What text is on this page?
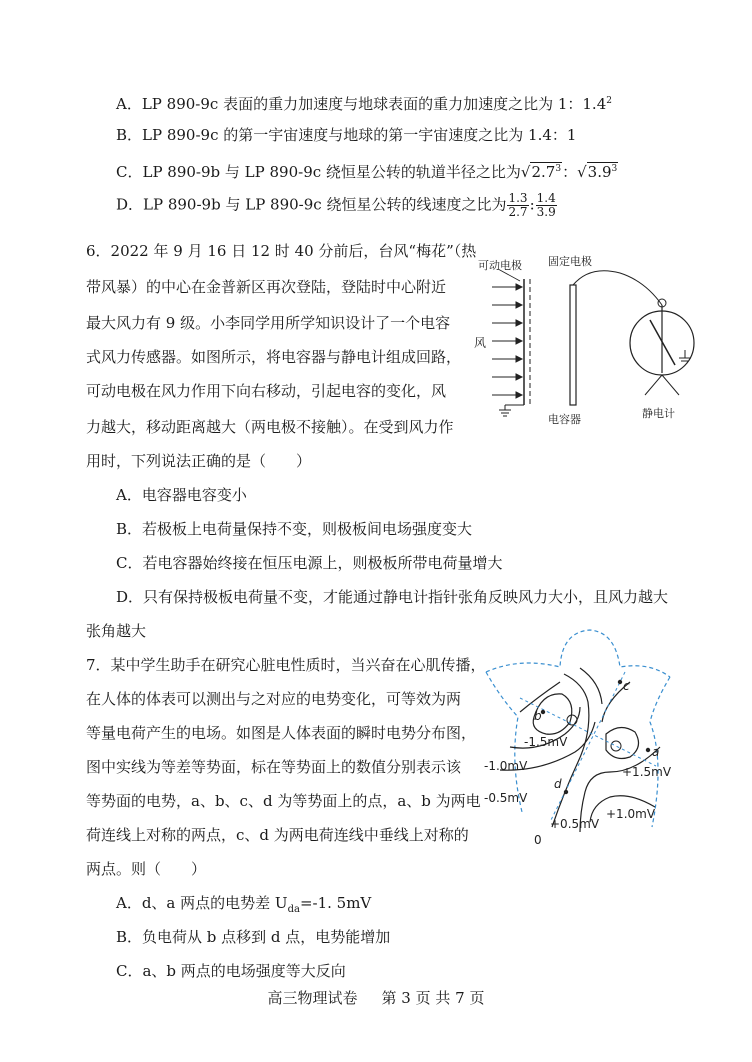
A．LP 890-9c 表面的重力加速度与地球表面的重力加速度之比为 1：$1.4^2$
B．LP 890-9c 的第一宇宙速度与地球的第一宇宙速度之比为 1.4：1
C．LP 890-9b 与 LP 890-9c 绕恒星公转的轨道半径之比为$√2.7^3$：$√3.9^3$
D．LP 890-9b 与 LP 890-9c 绕恒星公转的线速度之比为 $\frac{1.3}{2.7}$ : $\frac{1.4}{3.9}$
6．2022 年 9 月 16 日 12 时 40 分前后，台风“梅花”（热
带风暴）的中心在金普新区再次登陆，登陆时中心附近
最大风力有 9 级。小李同学用所学知识设计了一个电容
式风力传感器。如图所示，将电容器与静电计组成回路，
可动电极在风力作用下向右移动，引起电容的变化，风
力越大，移动距离越大（两电极不接触）。在受到风力作
用时，下列说法正确的是（　　）
A．电容器电容变小
B．若极板上电荷量保持不变，则极板间电场强度变大
C．若电容器始终接在恒压电源上，则极板所带电荷量增大
D．只有保持极板电荷量不变，才能通过静电计指针张角反映风力大小，且风力越大
张角越大
可动电极 固定电极
风
电容器	静电计
7．某中学生助手在研究心脏电性质时，当兴奋在心肌传播，
在人体的体表可以测出与之对应的电势变化，可等效为两
等量电荷产生的电场。如图是人体表面的瞬时电势分布图，
图中实线为等差等势面，标在等势面上的数值分别表示该
等势面的电势，a、b、c、d 为等势面上的点，a、b 为两电
荷连线上对称的两点，c、d 为两电荷连线中垂线上对称的
两点。则（　　）
A．d、a 两点的电势差 $U_{da}=-1$. 5mV
B．负电荷从 b 点移到 d 点，电势能增加
C．a、b 两点的电场强度等大反向
b
a
c
d
-1.5mV
-1.0mV
-0.5mV
+1.5mV
+1.0mV
+0.5mV
0
高三物理试卷 第 3 页 共 7 页
